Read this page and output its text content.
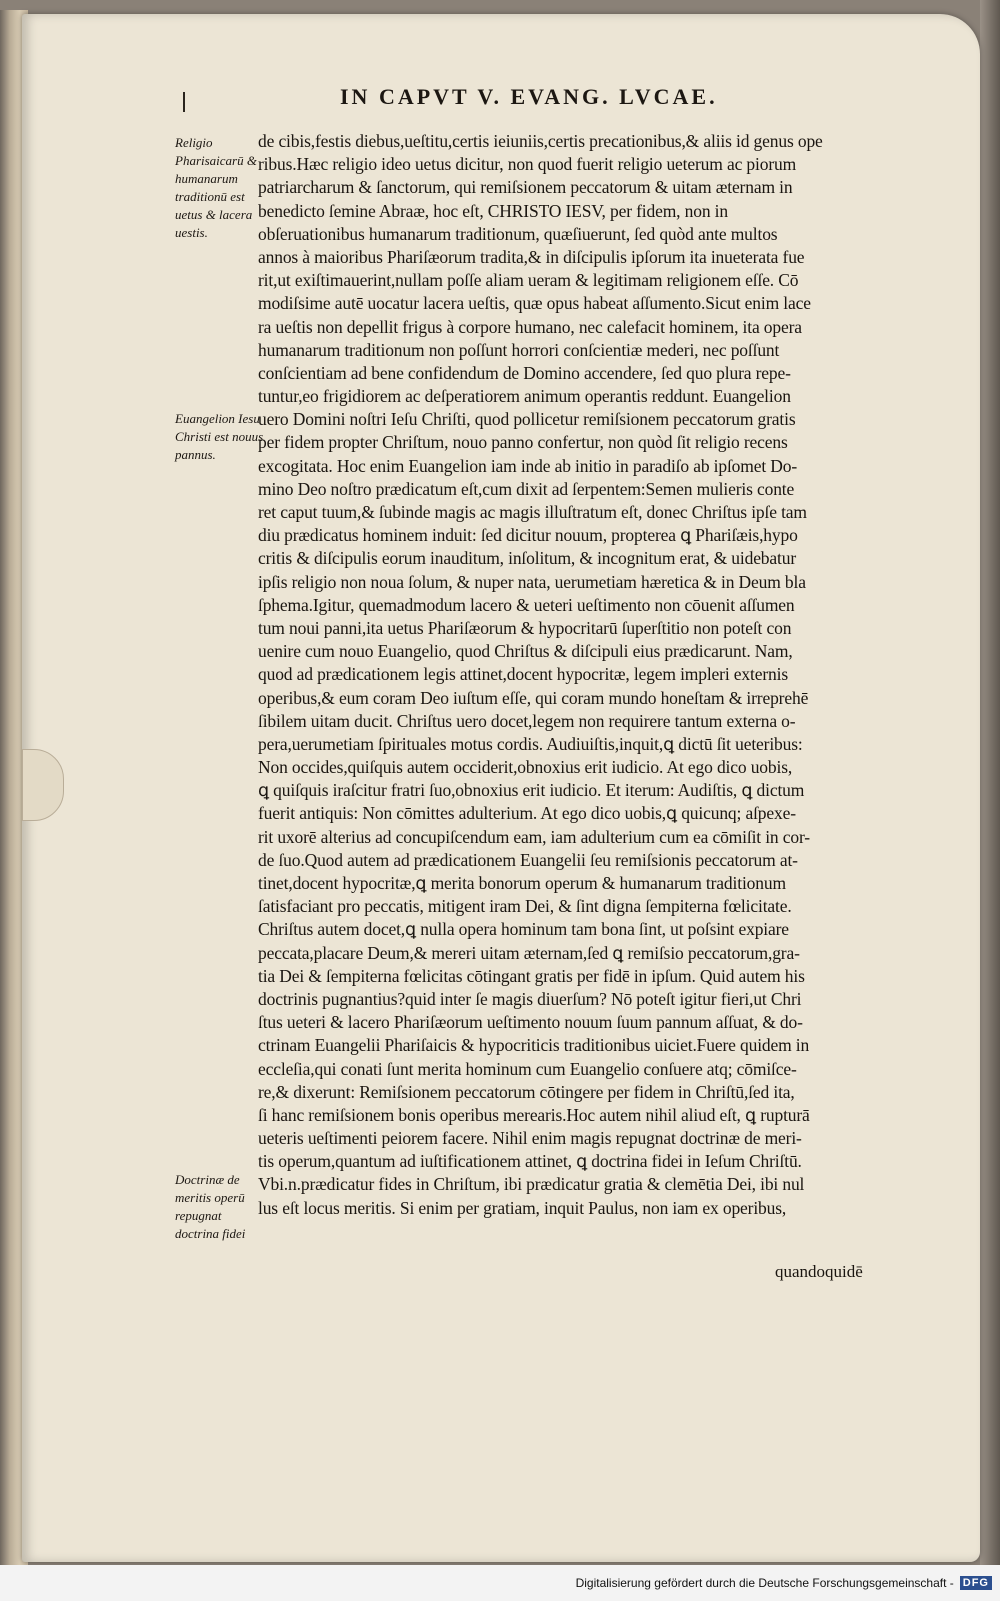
IN CAPVT V. EVANG. LVCAE.
Religio Pharisaicarū & humanarum traditionū est uetus & lacera uestis.
Euangelion Iesu Christi est nouus pannus.
Doctrinæ de meritis operū repugnat doctrina fidei
de cibis,festis diebus,ueſtitu,certis ieiuniis,certis precationibus,& aliis id genus ope
ribus.Hæc religio ideo uetus dicitur, non quod fuerit religio ueterum ac piorum
patriarcharum & ſanctorum, qui remiſsionem peccatorum & uitam æternam in
benedicto ſemine Abraæ, hoc eſt, CHRISTO IESV, per fidem, non in
obſeruationibus humanarum traditionum, quæſiuerunt, ſed quòd ante multos
annos à maioribus Phariſæorum tradita,& in diſcipulis ipſorum ita inueterata fue
rit,ut exiſtimauerint,nullam poſſe aliam ueram & legitimam religionem eſſe. Cō
modiſsime autē uocatur lacera ueſtis, quæ opus habeat aſſumento.Sicut enim lace
ra ueſtis non depellit frigus à corpore humano, nec calefacit hominem, ita opera
humanarum traditionum non poſſunt horrori conſcientiæ mederi, nec poſſunt
conſcientiam ad bene confidendum de Domino accendere, ſed quo plura repe-
tuntur,eo frigidiorem ac deſperatiorem animum operantis reddunt. Euangelion
uero Domini noſtri Ieſu Chriſti, quod pollicetur remiſsionem peccatorum gratis
per fidem propter Chriſtum, nouo panno confertur, non quòd ſit religio recens
excogitata. Hoc enim Euangelion iam inde ab initio in paradiſo ab ipſomet Do-
mino Deo noſtro prædicatum eſt,cum dixit ad ſerpentem:Semen mulieris conte
ret caput tuum,& ſubinde magis ac magis illuſtratum eſt, donec Chriſtus ipſe tam
diu prædicatus hominem induit: ſed dicitur nouum, propterea ꝗ Phariſæis,hypo
critis & diſcipulis eorum inauditum, inſolitum, & incognitum erat, & uidebatur
ipſis religio non noua ſolum, & nuper nata, uerumetiam hæretica & in Deum bla
ſphema.Igitur, quemadmodum lacero & ueteri ueſtimento non cōuenit aſſumen
tum noui panni,ita uetus Phariſæorum & hypocritarū ſuperſtitio non poteſt con
uenire cum nouo Euangelio, quod Chriſtus & diſcipuli eius prædicarunt. Nam,
quod ad prædicationem legis attinet,docent hypocritæ, legem impleri externis
operibus,& eum coram Deo iuſtum eſſe, qui coram mundo honeſtam & irreprehē
ſibilem uitam ducit. Chriſtus uero docet,legem non requirere tantum externa o-
pera,uerumetiam ſpirituales motus cordis. Audiuiſtis,inquit,ꝗ dictū ſit ueteribus:
Non occides,quiſquis autem occiderit,obnoxius erit iudicio. At ego dico uobis,
ꝗ quiſquis iraſcitur fratri ſuo,obnoxius erit iudicio. Et iterum: Audiſtis, ꝗ dictum
fuerit antiquis: Non cōmittes adulterium. At ego dico uobis,ꝗ quicunq; aſpexe-
rit uxorē alterius ad concupiſcendum eam, iam adulterium cum ea cōmiſit in cor-
de ſuo.Quod autem ad prædicationem Euangelii ſeu remiſsionis peccatorum at-
tinet,docent hypocritæ,ꝗ merita bonorum operum & humanarum traditionum
ſatisfaciant pro peccatis, mitigent iram Dei, & ſint digna ſempiterna fœlicitate.
Chriſtus autem docet,ꝗ nulla opera hominum tam bona ſint, ut poſsint expiare
peccata,placare Deum,& mereri uitam æternam,ſed ꝗ remiſsio peccatorum,gra-
tia Dei & ſempiterna fœlicitas cōtingant gratis per fidē in ipſum. Quid autem his
doctrinis pugnantius?quid inter ſe magis diuerſum? Nō poteſt igitur fieri,ut Chri
ſtus ueteri & lacero Phariſæorum ueſtimento nouum ſuum pannum aſſuat, & do-
ctrinam Euangelii Phariſaicis & hypocriticis traditionibus uiciet.Fuere quidem in
eccleſia,qui conati ſunt merita hominum cum Euangelio conſuere atq; cōmiſce-
re,& dixerunt: Remiſsionem peccatorum cōtingere per fidem in Chriſtū,ſed ita,
ſi hanc remiſsionem bonis operibus merearis.Hoc autem nihil aliud eſt, ꝗ rupturā
ueteris ueſtimenti peiorem facere. Nihil enim magis repugnat doctrinæ de meri-
tis operum,quantum ad iuſtificationem attinet, ꝗ doctrina fidei in Ieſum Chriſtū.
Vbi.n.prædicatur fides in Chriſtum, ibi prædicatur gratia & clemētia Dei, ibi nul
lus eſt locus meritis. Si enim per gratiam, inquit Paulus, non iam ex operibus,
quandoquidē
Digitalisierung gefördert durch die Deutsche Forschungsgemeinschaft - DFG
